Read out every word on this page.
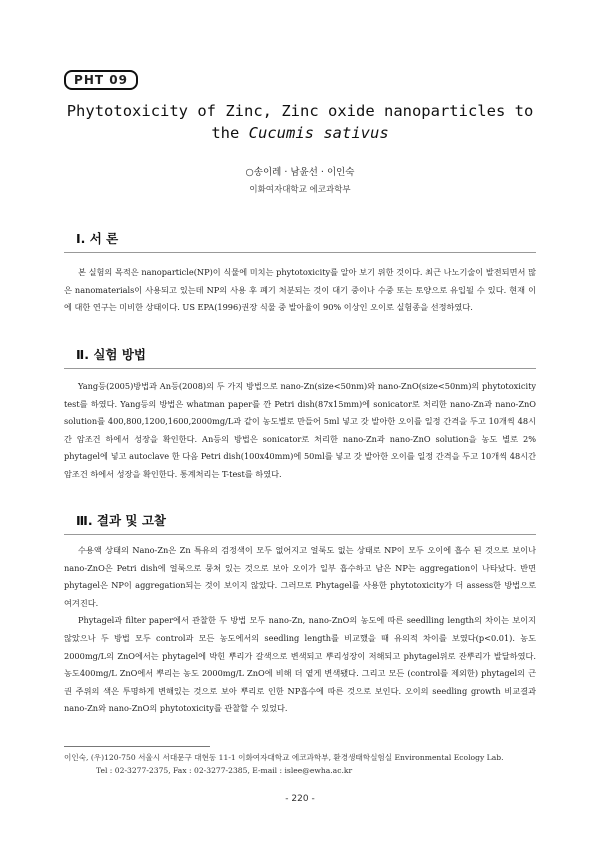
PHT 09
Phytotoxicity of Zinc, Zinc oxide nanoparticles to
the Cucumis sativus
○송이레 · 남윤선 · 이인숙
이화여자대학교 에코과학부
Ⅰ. 서 론

본 실험의 목적은 nanoparticle(NP)이 식물에 미치는 phytotoxicity를 알아 보기 위한 것이다. 최근 나노기술이 발전되면서 많은 nanomaterials이 사용되고 있는데 NP의 사용 후 폐기 처분되는 것이 대기 중이나 수중 또는 토양으로 유입될 수 있다. 현재 이에 대한 연구는 미비한 상태이다. US EPA(1996)권장 식물 중 발아율이 90% 이상인 오이로 실험종을 선정하였다.

Ⅱ. 실험 방법

Yang등(2005)방법과 An등(2008)의 두 가지 방법으로 nano-Zn(size<50nm)와 nano-ZnO(size<50nm)의 phytotoxicity test를 하였다. Yang등의 방법은 whatman paper를 깐 Petri dish(87x15mm)에 sonicator로 처리한 nano-Zn과 nano-ZnO solution를 400,800,1200,1600,2000mg/L과 같이 농도별로 만들어 5ml 넣고 갓 발아한 오이를 일정 간격을 두고 10개씩 48시간 암조건 하에서 성장을 확인한다. An등의 방법은 sonicator로 처리한 nano-Zn과 nano-ZnO solution을 농도 별로 2% phytagel에 넣고 autoclave 한 다음 Petri dish(100x40mm)에 50ml를 넣고 갓 발아한 오이를 일정 간격을 두고 10개씩 48시간 암조건 하에서 성장을 확인한다. 통계처리는 T-test를 하였다.

Ⅲ. 결과 및 고찰

수용액 상태의 Nano-Zn은 Zn 특유의 검정색이 모두 없어지고 얼룩도 없는 상태로 NP이 모두 오이에 흡수 된 것으로 보이나 nano-ZnO은 Petri dish에 얼룩으로 뭉쳐 있는 것으로 보아 오이가 일부 흡수하고 남은 NP는 aggregation이 나타났다. 반면 phytagel은 NP이 aggregation되는 것이 보이지 않았다. 그러므로 Phytagel를 사용한 phytotoxicity가 더 assess한 방법으로 여겨진다.

Phytagel과 filter paper에서 관찰한 두 방법 모두 nano-Zn, nano-ZnO의 농도에 따른 seedlling length의 차이는 보이지 않았으나 두 방법 모두 control과 모든 농도에서의 seedling length를 비교했을 때 유의적 차이를 보였다(p<0.01). 농도 2000mg/L의 ZnO에서는 phytagel에 박힌 뿌리가 갈색으로 변색되고 뿌리성장이 저해되고 phytagel위로 잔뿌리가 발달하였다. 농도400mg/L ZnO에서 뿌리는 농도 2000mg/L ZnO에 비해 더 옅게 변색됐다. 그리고 모든 (control를 제외한) phytagel의 근권 주위의 색은 투명하게 변해있는 것으로 보아 뿌리로 인한 NP흡수에 따른 것으로 보인다. 오이의 seedling growth 비교결과 nano-Zn와 nano-ZnO의 phytotoxicity를 관찰할 수 있었다.

이인숙, (우)120-750 서울시 서대문구 대현동 11-1 이화여자대학교 에코과학부, 환경생태학실험실 Environmental Ecology Lab.
Tel : 02-3277-2375, Fax : 02-3277-2385, E-mail : islee@ewha.ac.kr
- 220 -
